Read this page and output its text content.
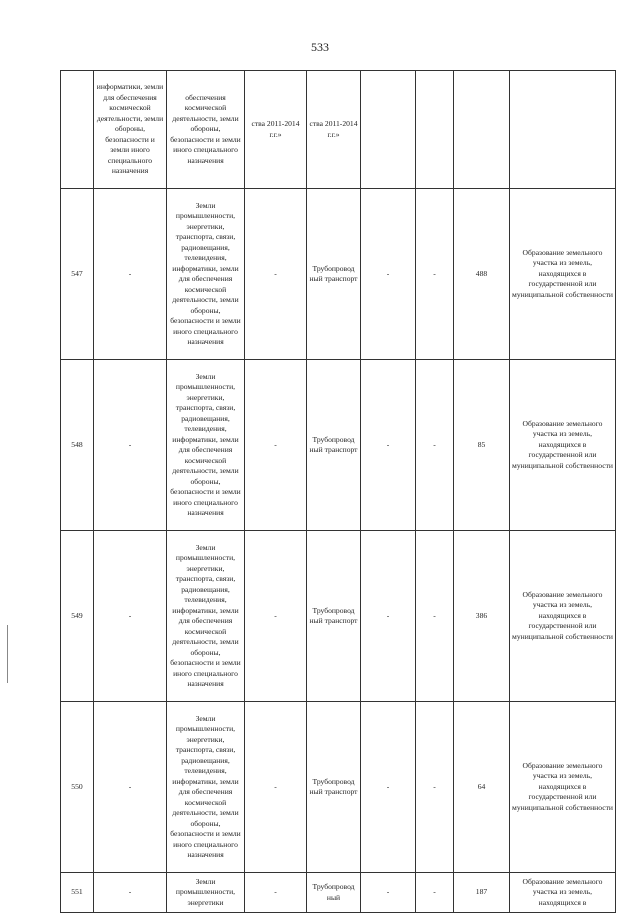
533
	информатики, земли для обеспечения космической деятельности, земли обороны, безопасности и земли иного специального назначения	обеспечения космической деятельности, земли обороны, безопасности и земли иного специального назначения	ства 2011-2014 г.г.»	ства 2011-2014 г.г.»				
547	-	Земли промышленности, энергетики, транспорта, связи, радиовещания, телевидения, информатики, земли для обеспечения космической деятельности, земли обороны, безопасности и земли иного специального назначения	-	Трубопровод ный транспорт	-	-	488	Образование земельного участка из земель, находящихся в государственной или муниципальной собственности
548	-	Земли промышленности, энергетики, транспорта, связи, радиовещания, телевидения, информатики, земли для обеспечения космической деятельности, земли обороны, безопасности и земли иного специального назначения	-	Трубопровод ный транспорт	-	-	85	Образование земельного участка из земель, находящихся в государственной или муниципальной собственности
549	-	Земли промышленности, энергетики, транспорта, связи, радиовещания, телевидения, информатики, земли для обеспечения космической деятельности, земли обороны, безопасности и земли иного специального назначения	-	Трубопровод ный транспорт	-	-	386	Образование земельного участка из земель, находящихся в государственной или муниципальной собственности
550	-	Земли промышленности, энергетики, транспорта, связи, радиовещания, телевидения, информатики, земли для обеспечения космической деятельности, земли обороны, безопасности и земли иного специального назначения	-	Трубопровод ный транспорт	-	-	64	Образование земельного участка из земель, находящихся в государственной или муниципальной собственности
551	-	Земли промышленности, энергетики	-	Трубопровод ный	-	-	187	Образование земельного участка из земель, находящихся в
